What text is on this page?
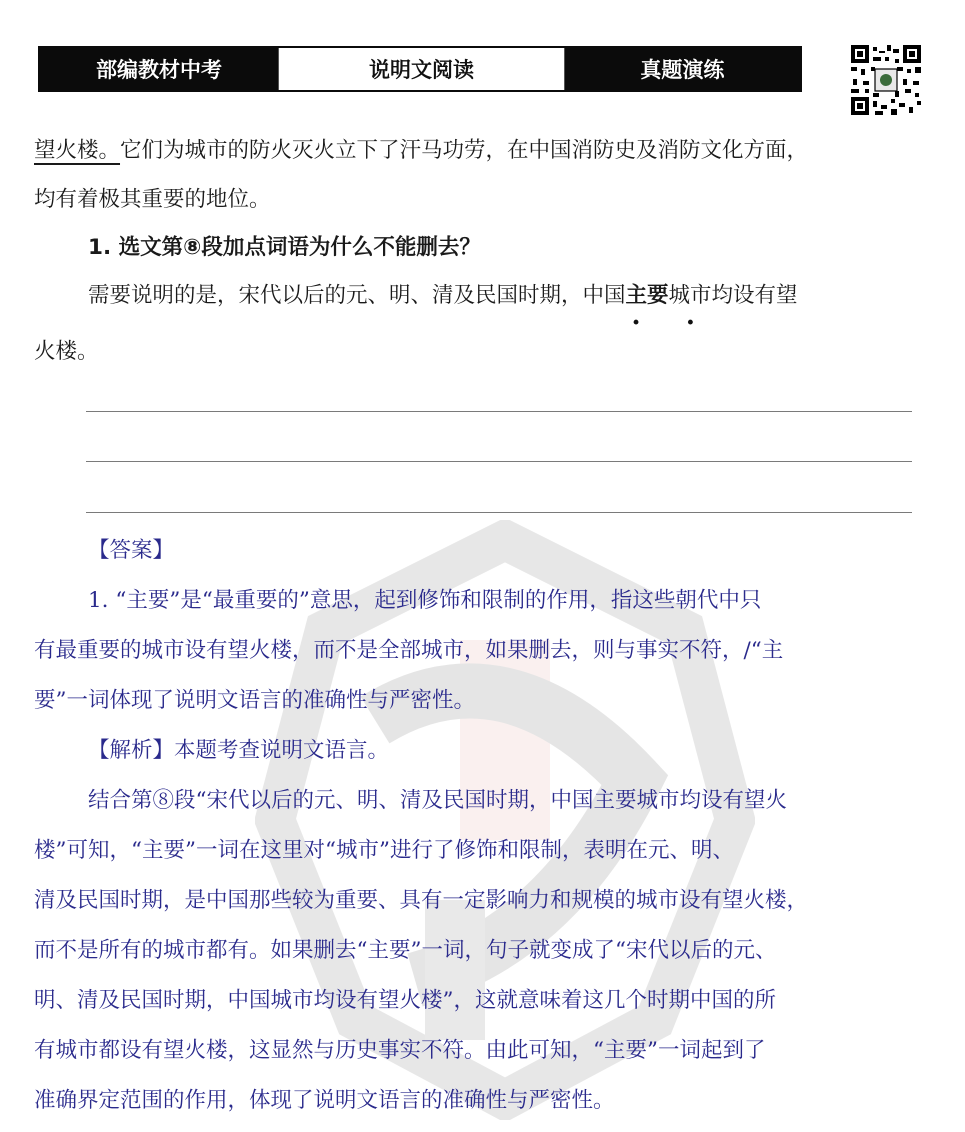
部编教材中考	说明文阅读	真题演练
望火楼。它们为城市的防火灭火立下了汗马功劳，在中国消防史及消防文化方面，
均有着极其重要的地位。
1. 选文第⑧段加点词语为什么不能删去？
需要说明的是，宋代以后的元、明、清及民国时期，中国主要 · ·城市均设有望
火楼。

【答案】

1. “主要”是“最重要的”意思，起到修饰和限制的作用，指这些朝代中只

有最重要的城市设有望火楼，而不是全部城市，如果删去，则与事实不符，/“主

要”一词体现了说明文语言的准确性与严密性。

【解析】本题考查说明文语言。

结合第⑧段“宋代以后的元、明、清及民国时期，中国主要城市均设有望火

楼”可知，“主要”一词在这里对“城市”进行了修饰和限制，表明在元、明、

清及民国时期，是中国那些较为重要、具有一定影响力和规模的城市设有望火楼，

而不是所有的城市都有。如果删去“主要”一词，句子就变成了“宋代以后的元、

明、清及民国时期，中国城市均设有望火楼”，这就意味着这几个时期中国的所

有城市都设有望火楼，这显然与历史事实不符。由此可知，“主要”一词起到了

准确界定范围的作用，体现了说明文语言的准确性与严密性。
